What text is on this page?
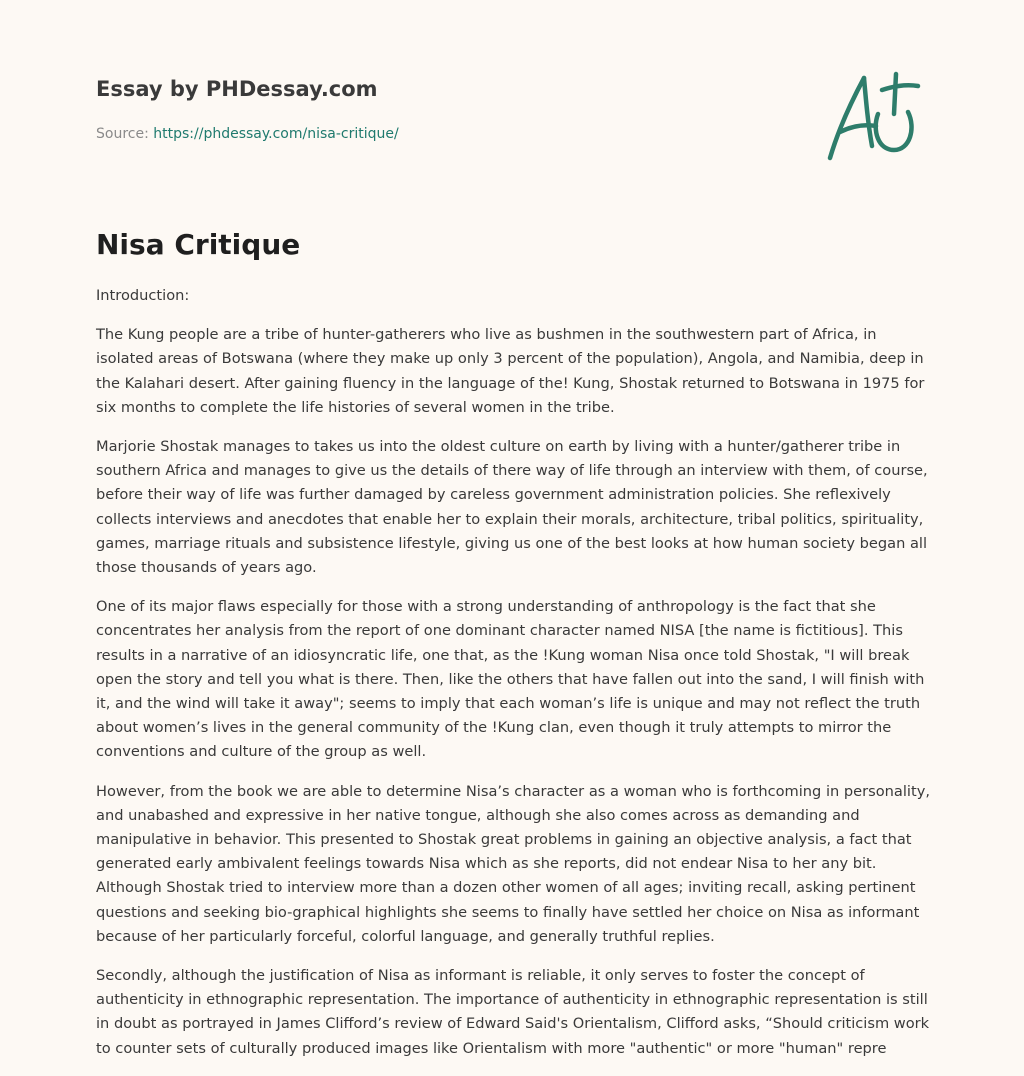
Essay by PHDessay.com
Source: https://phdessay.com/nisa-critique/
Nisa Critique

Introduction:

The Kung people are a tribe of hunter-gatherers who live as bushmen in the southwestern part of Africa, in isolated areas of Botswana (where they make up only 3 percent of the population), Angola, and Namibia, deep in the Kalahari desert. After gaining fluency in the language of the! Kung, Shostak returned to Botswana in 1975 for six months to complete the life histories of several women in the tribe.

Marjorie Shostak manages to takes us into the oldest culture on earth by living with a hunter/gatherer tribe in southern Africa and manages to give us the details of there way of life through an interview with them, of course, before their way of life was further damaged by careless government administration policies. She reflexively collects interviews and anecdotes that enable her to explain their morals, architecture, tribal politics, spirituality, games, marriage rituals and subsistence lifestyle, giving us one of the best looks at how human society began all those thousands of years ago.

One of its major flaws especially for those with a strong understanding of anthropology is the fact that she concentrates her analysis from the report of one dominant character named NISA [the name is fictitious]. This results in a narrative of an idiosyncratic life, one that, as the !Kung woman Nisa once told Shostak, "I will break open the story and tell you what is there. Then, like the others that have fallen out into the sand, I will finish with it, and the wind will take it away"; seems to imply that each woman’s life is unique and may not reflect the truth about women’s lives in the general community of the !Kung clan, even though it truly attempts to mirror the conventions and culture of the group as well.

However, from the book we are able to determine Nisa’s character as a woman who is forthcoming in personality, and unabashed and expressive in her native tongue, although she also comes across as demanding and manipulative in behavior. This presented to Shostak great problems in gaining an objective analysis, a fact that generated early ambivalent feelings towards Nisa which as she reports, did not endear Nisa to her any bit. Although Shostak tried to interview more than a dozen other women of all ages; inviting recall, asking pertinent questions and seeking bio-graphical highlights she seems to finally have settled her choice on Nisa as informant because of her particularly forceful, colorful language, and generally truthful replies.

Secondly, although the justification of Nisa as informant is reliable, it only serves to foster the concept of authenticity in ethnographic representation. The importance of authenticity in ethnographic representation is still in doubt as portrayed in James Clifford’s review of Edward Said's Orientalism, Clifford asks, “Should criticism work to counter sets of culturally produced images like Orientalism with more "authentic" or more "human" repre
